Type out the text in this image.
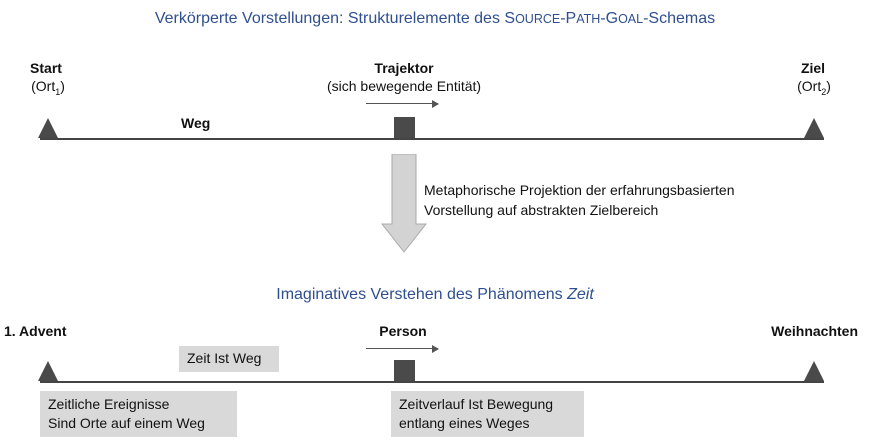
Verkörperte Vorstellungen: Strukturelemente des SOURCE-PATH-GOAL-Schemas
Start
(Ort$_1$)
Trajektor
(sich bewegende Entität)
Ziel
(Ort$_2$)
Weg
Metaphorische Projektion der erfahrungsbasierten
Vorstellung auf abstrakten Zielbereich
Imaginatives Verstehen des Phänomens Zeit
1. Advent	Person	Weihnachten
Zeit Ist Weg
Zeitliche Ereignisse
Sind Orte auf einem Weg
Zeitverlauf Ist Bewegung
entlang eines Weges
